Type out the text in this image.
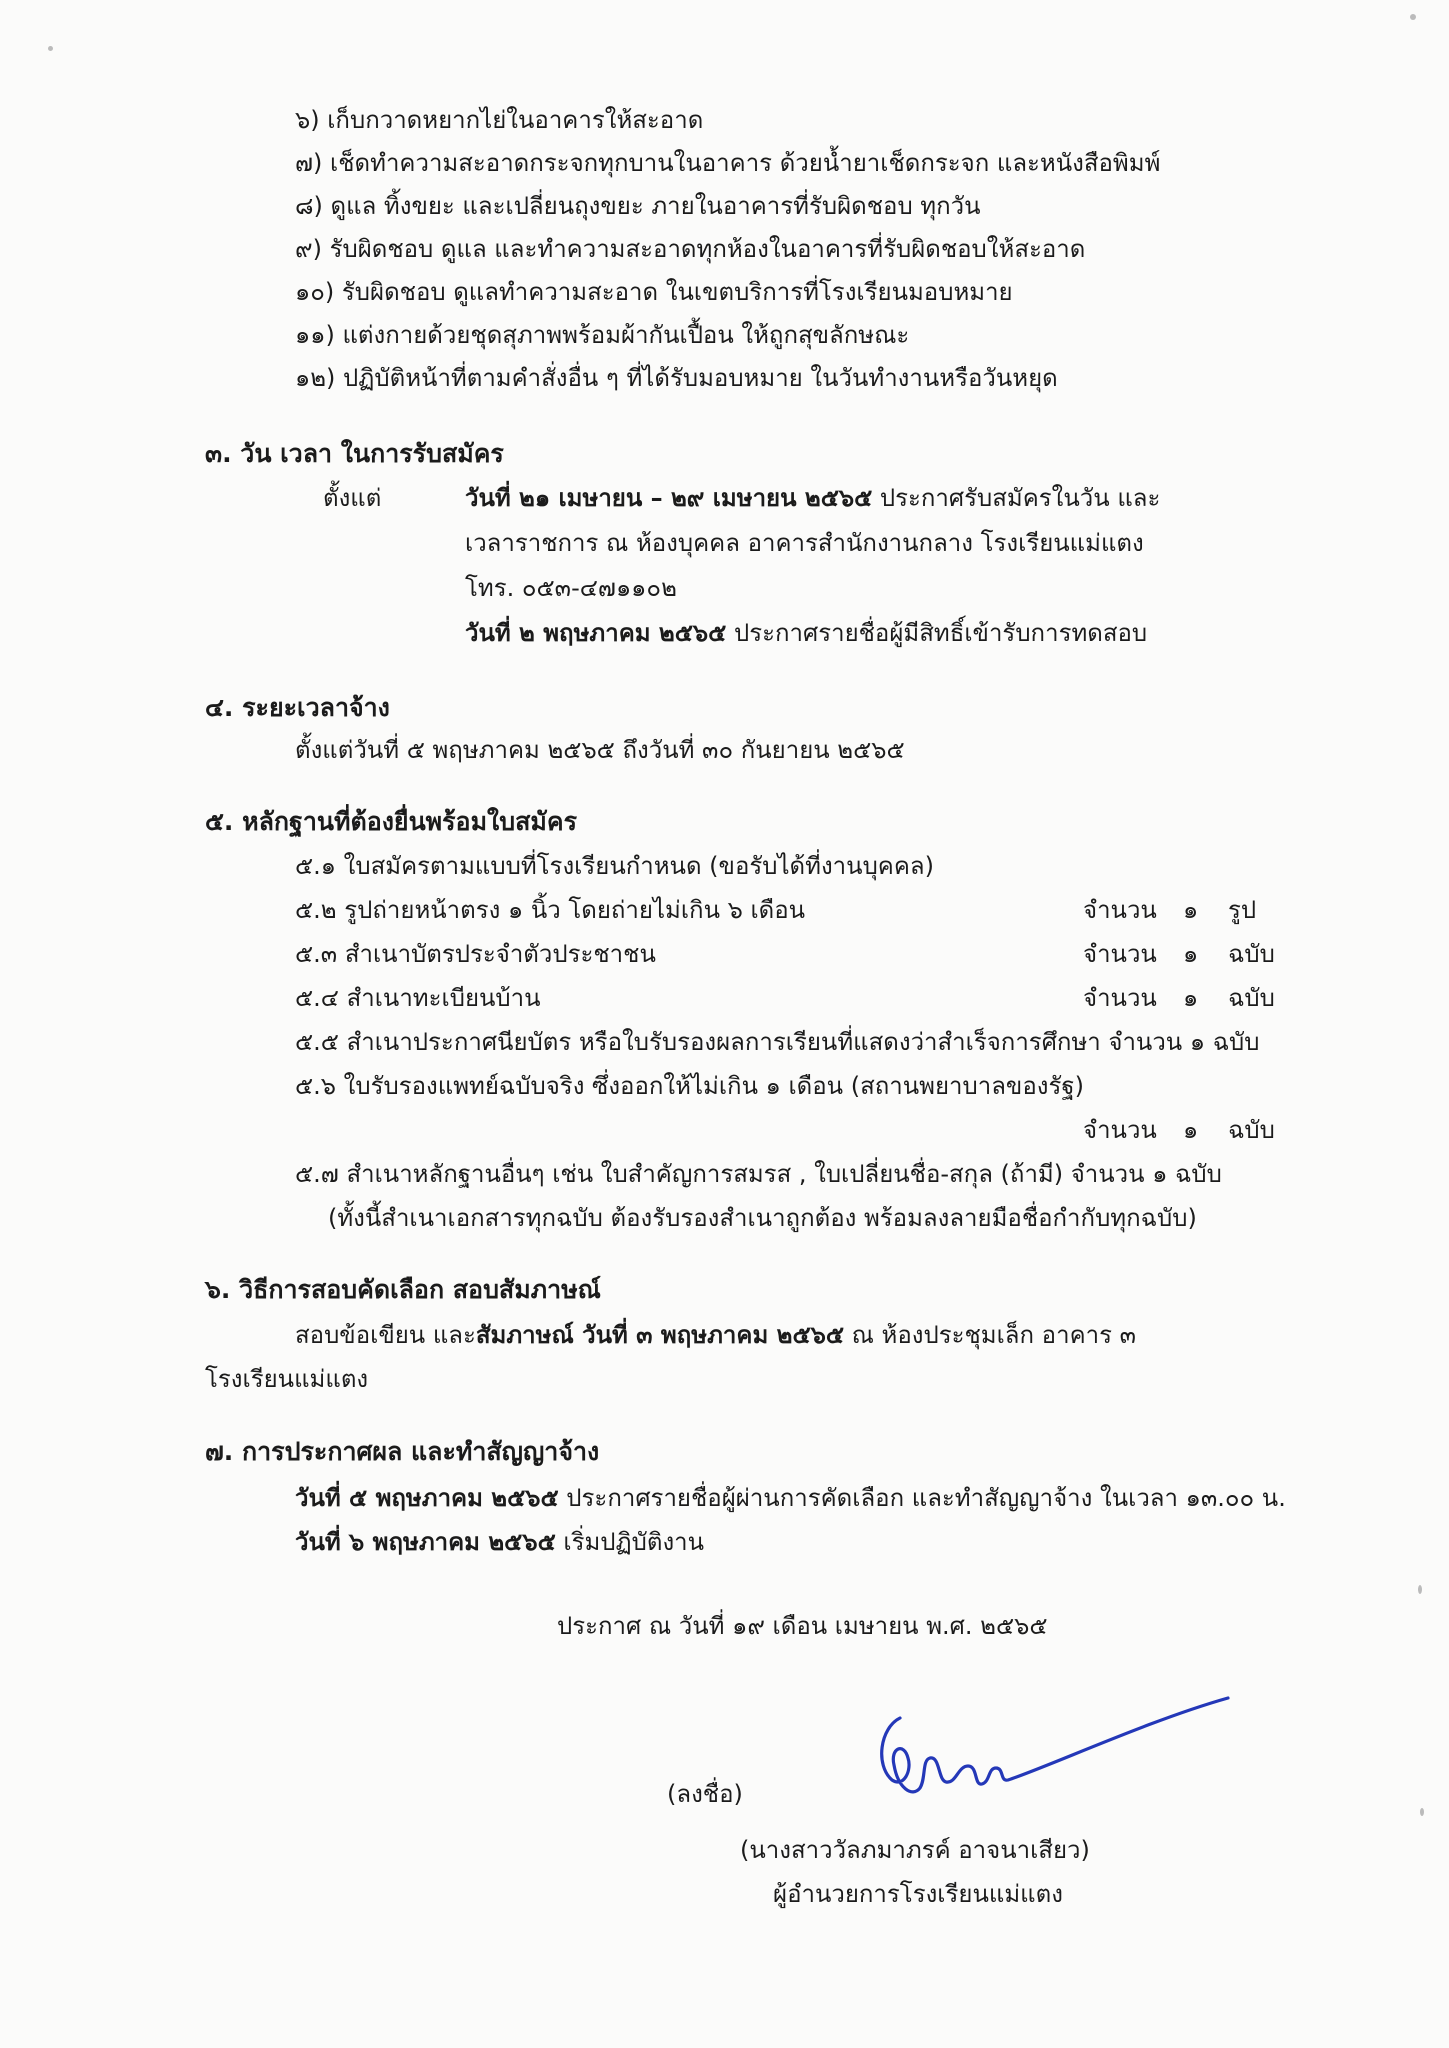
๖) เก็บกวาดหยากไย่ในอาคารให้สะอาด
๗) เช็ดทำความสะอาดกระจกทุกบานในอาคาร ด้วยน้ำยาเช็ดกระจก และหนังสือพิมพ์
๘) ดูแล ทิ้งขยะ และเปลี่ยนถุงขยะ ภายในอาคารที่รับผิดชอบ ทุกวัน
๙) รับผิดชอบ ดูแล และทำความสะอาดทุกห้องในอาคารที่รับผิดชอบให้สะอาด
๑๐) รับผิดชอบ ดูแลทำความสะอาด ในเขตบริการที่โรงเรียนมอบหมาย
๑๑) แต่งกายด้วยชุดสุภาพพร้อมผ้ากันเปื้อน ให้ถูกสุขลักษณะ
๑๒) ปฏิบัติหน้าที่ตามคำสั่งอื่น ๆ ที่ได้รับมอบหมาย ในวันทำงานหรือวันหยุด
๓. วัน เวลา ในการรับสมัคร
ตั้งแต่	วันที่ ๒๑ เมษายน – ๒๙ เมษายน ๒๕๖๕ ประกาศรับสมัครในวัน และ
เวลาราชการ ณ ห้องบุคคล อาคารสำนักงานกลาง โรงเรียนแม่แตง
โทร. ๐๕๓-๔๗๑๑๐๒
วันที่ ๒ พฤษภาคม ๒๕๖๕ ประกาศรายชื่อผู้มีสิทธิ์เข้ารับการทดสอบ
๔. ระยะเวลาจ้าง
ตั้งแต่วันที่ ๕ พฤษภาคม ๒๕๖๕ ถึงวันที่ ๓๐ กันยายน ๒๕๖๕
๕. หลักฐานที่ต้องยื่นพร้อมใบสมัคร
๕.๑ ใบสมัครตามแบบที่โรงเรียนกำหนด (ขอรับได้ที่งานบุคคล)
๕.๒ รูปถ่ายหน้าตรง ๑ นิ้ว โดยถ่ายไม่เกิน ๖ เดือน	จำนวน ๑ รูป
๕.๓ สำเนาบัตรประจำตัวประชาชน	จำนวน ๑ ฉบับ
๕.๔ สำเนาทะเบียนบ้าน	จำนวน ๑ ฉบับ
๕.๕ สำเนาประกาศนียบัตร หรือใบรับรองผลการเรียนที่แสดงว่าสำเร็จการศึกษา จำนวน ๑ ฉบับ
๕.๖ ใบรับรองแพทย์ฉบับจริง ซึ่งออกให้ไม่เกิน ๑ เดือน (สถานพยาบาลของรัฐ)
จำนวน ๑ ฉบับ
๕.๗ สำเนาหลักฐานอื่นๆ เช่น ใบสำคัญการสมรส , ใบเปลี่ยนชื่อ-สกุล (ถ้ามี) จำนวน ๑ ฉบับ
(ทั้งนี้สำเนาเอกสารทุกฉบับ ต้องรับรองสำเนาถูกต้อง พร้อมลงลายมือชื่อกำกับทุกฉบับ)
๖. วิธีการสอบคัดเลือก สอบสัมภาษณ์
สอบข้อเขียน และสัมภาษณ์ วันที่ ๓ พฤษภาคม ๒๕๖๕ ณ ห้องประชุมเล็ก อาคาร ๓
โรงเรียนแม่แตง
๗. การประกาศผล และทำสัญญาจ้าง
วันที่ ๕ พฤษภาคม ๒๕๖๕ ประกาศรายชื่อผู้ผ่านการคัดเลือก และทำสัญญาจ้าง ในเวลา ๑๓.๐๐ น.
วันที่ ๖ พฤษภาคม ๒๕๖๕ เริ่มปฏิบัติงาน
ประกาศ ณ วันที่ ๑๙ เดือน เมษายน พ.ศ. ๒๕๖๕
(ลงชื่อ)
(นางสาววัลภมาภรค์ อาจนาเสียว)
ผู้อำนวยการโรงเรียนแม่แตง
